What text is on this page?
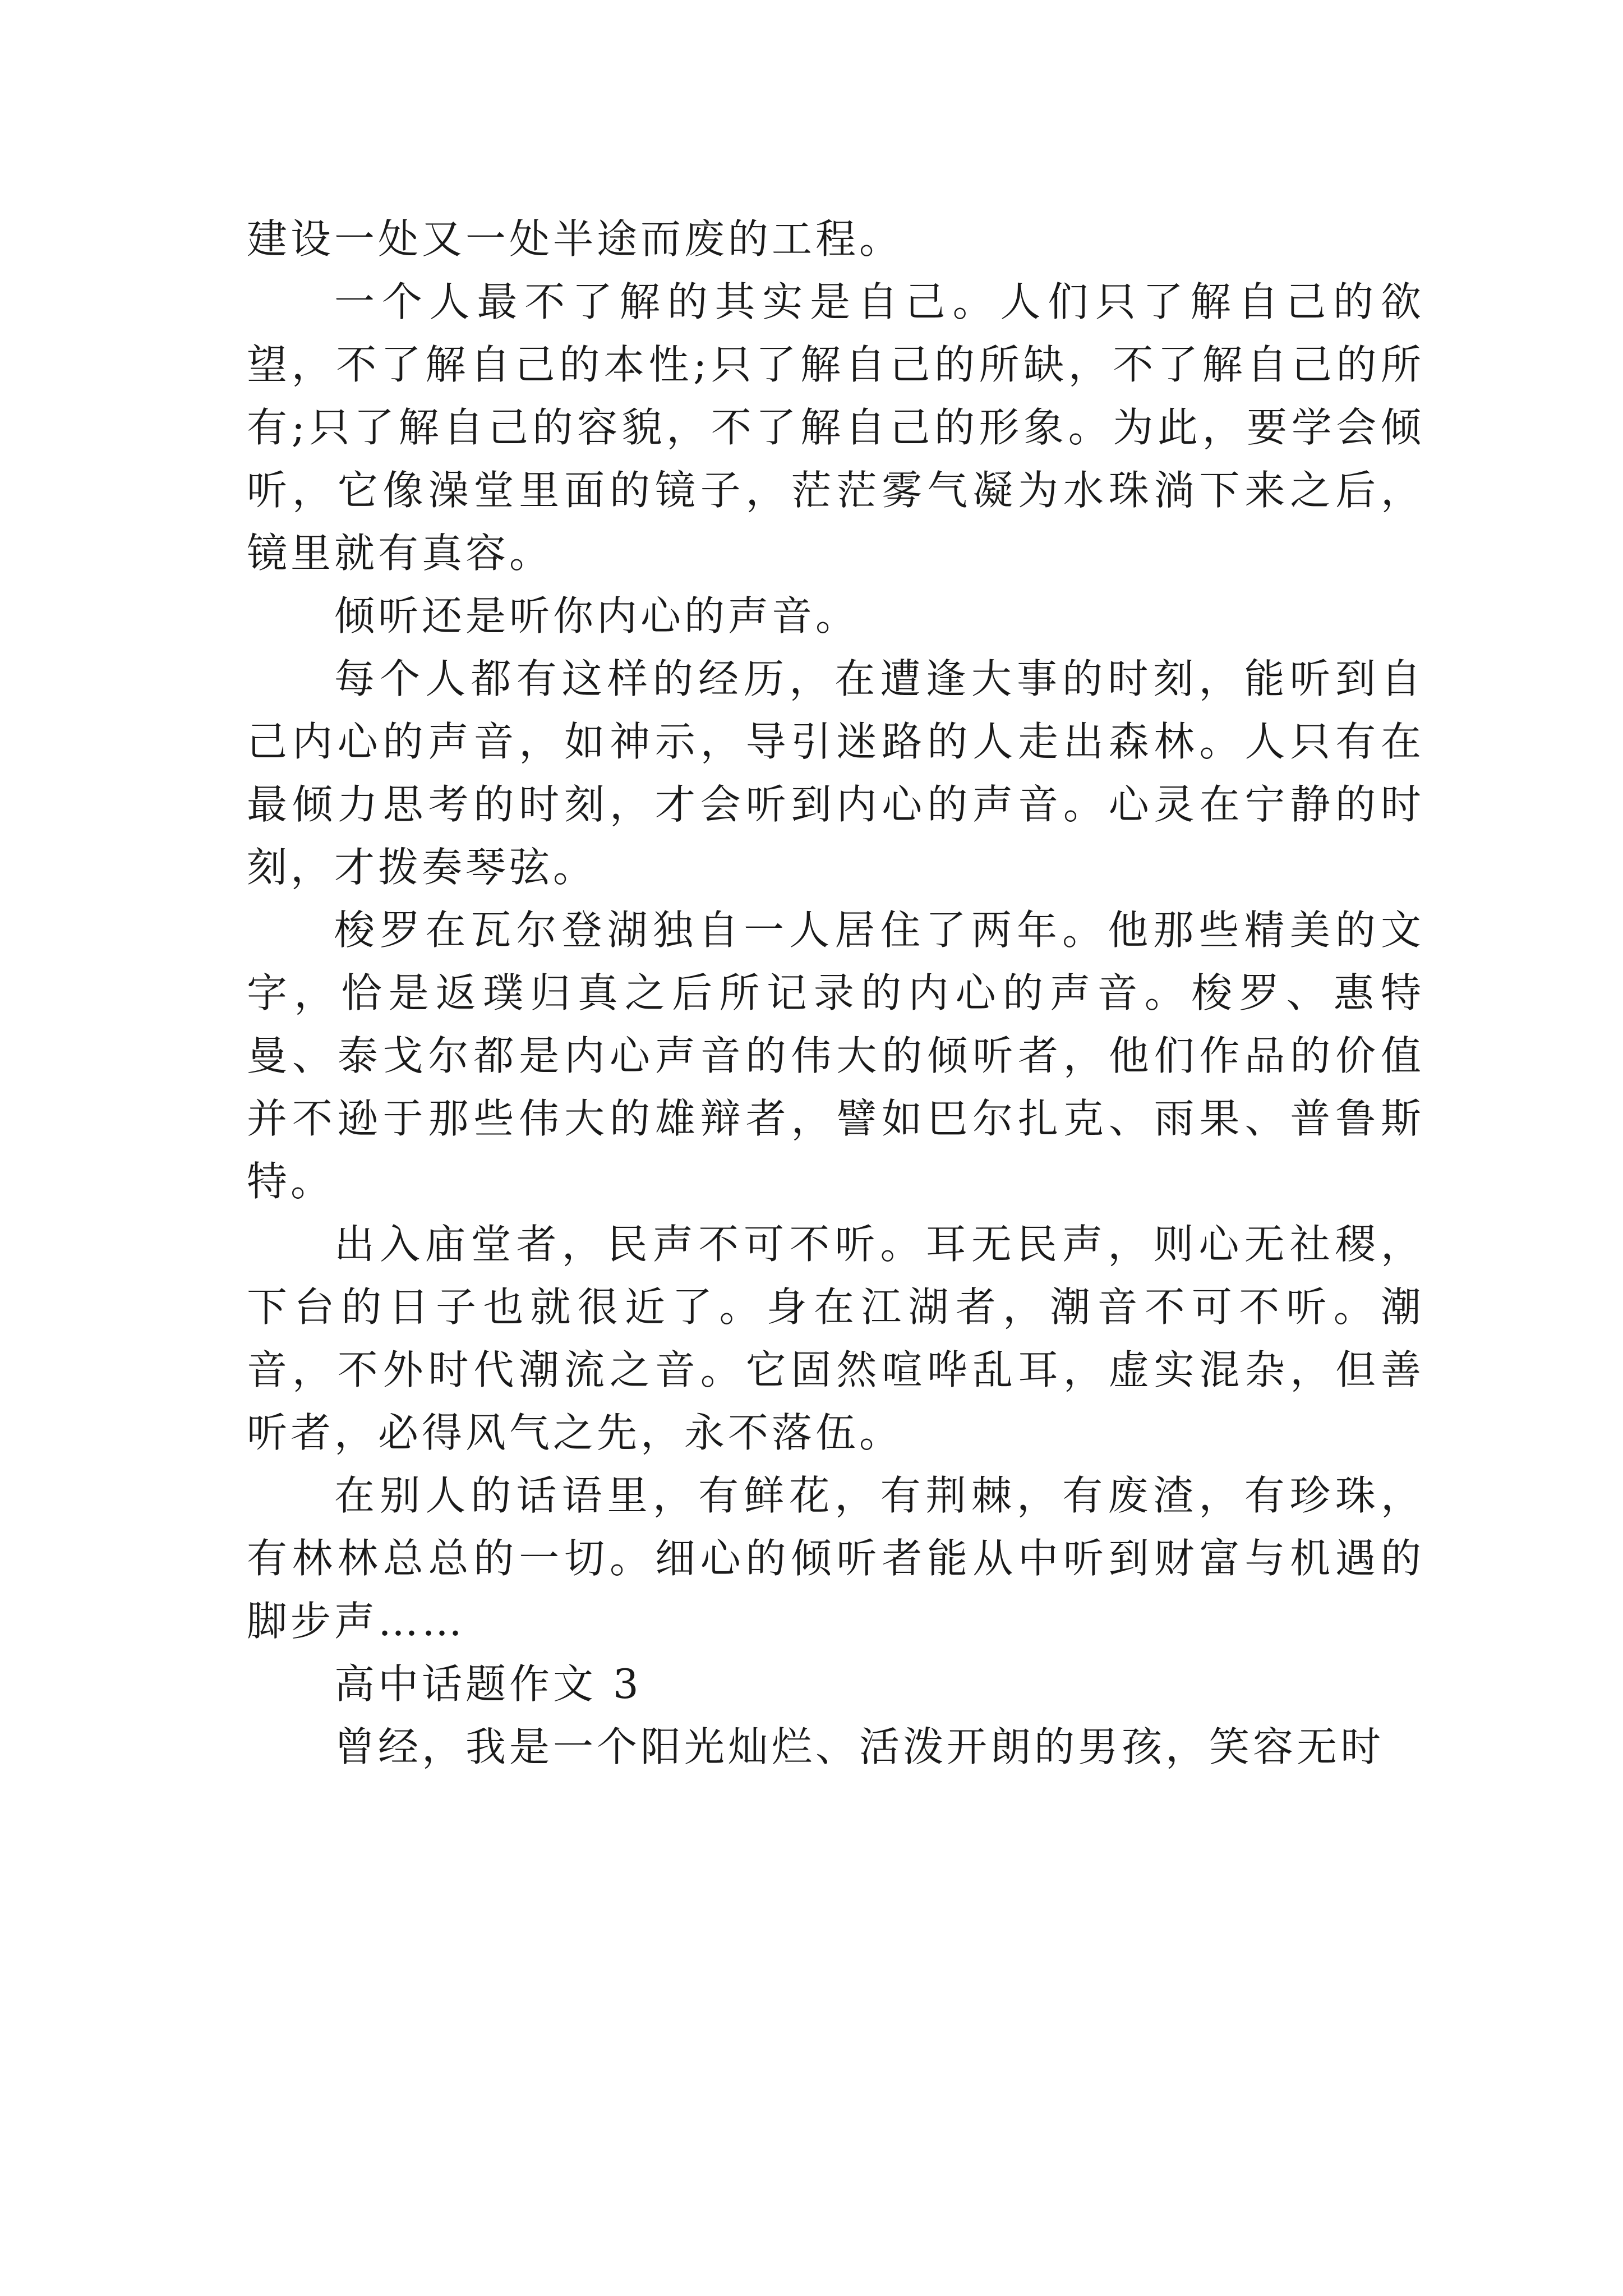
建设一处又一处半途而废的工程。

一个人最不了解的其实是自己。人们只了解自己的欲望，不了解自己的本性;只了解自己的所缺，不了解自己的所有;只了解自己的容貌，不了解自己的形象。为此，要学会倾听，它像澡堂里面的镜子，茫茫雾气凝为水珠淌下来之后，镜里就有真容。

倾听还是听你内心的声音。

每个人都有这样的经历，在遭逢大事的时刻，能听到自己内心的声音，如神示，导引迷路的人走出森林。人只有在最倾力思考的时刻，才会听到内心的声音。心灵在宁静的时刻，才拨奏琴弦。

梭罗在瓦尔登湖独自一人居住了两年。他那些精美的文字，恰是返璞归真之后所记录的内心的声音。梭罗、惠特曼、泰戈尔都是内心声音的伟大的倾听者，他们作品的价值并不逊于那些伟大的雄辩者，譬如巴尔扎克、雨果、普鲁斯特。

出入庙堂者，民声不可不听。耳无民声，则心无社稷，下台的日子也就很近了。身在江湖者，潮音不可不听。潮音，不外时代潮流之音。它固然喧哗乱耳，虚实混杂，但善听者，必得风气之先，永不落伍。

在别人的话语里，有鲜花，有荆棘，有废渣，有珍珠，有林林总总的一切。细心的倾听者能从中听到财富与机遇的脚步声……

高中话题作文 3

曾经，我是一个阳光灿烂、活泼开朗的男孩，笑容无时
